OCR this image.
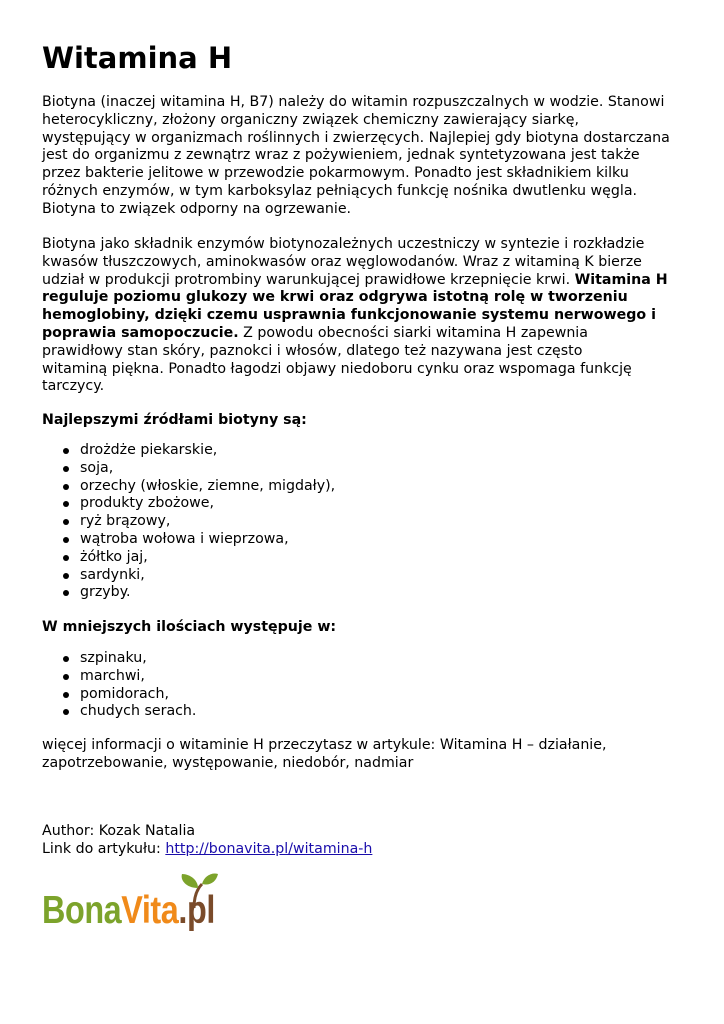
Witamina H

Biotyna (inaczej witamina H, B7) należy do witamin rozpuszczalnych w wodzie. Stanowi
heterocykliczny, złożony organiczny związek chemiczny zawierający siarkę,
występujący w organizmach roślinnych i zwierzęcych. Najlepiej gdy biotyna dostarczana
jest do organizmu z zewnątrz wraz z pożywieniem, jednak syntetyzowana jest także
przez bakterie jelitowe w przewodzie pokarmowym. Ponadto jest składnikiem kilku
różnych enzymów, w tym karboksylaz pełniących funkcję nośnika dwutlenku węgla.
Biotyna to związek odporny na ogrzewanie.

Biotyna jako składnik enzymów biotynozależnych uczestniczy w syntezie i rozkładzie
kwasów tłuszczowych, aminokwasów oraz węglowodanów. Wraz z witaminą K bierze
udział w produkcji protrombiny warunkującej prawidłowe krzepnięcie krwi. Witamina H
reguluje poziomu glukozy we krwi oraz odgrywa istotną rolę w tworzeniu
hemoglobiny, dzięki czemu usprawnia funkcjonowanie systemu nerwowego i
poprawia samopoczucie. Z powodu obecności siarki witamina H zapewnia
prawidłowy stan skóry, paznokci i włosów, dlatego też nazywana jest często
witaminą piękna. Ponadto łagodzi objawy niedoboru cynku oraz wspomaga funkcję
tarczycy.

Najlepszymi źródłami biotyny są:
drożdże piekarskie,
soja,
orzechy (włoskie, ziemne, migdały),
produkty zbożowe,
ryż brązowy,
wątroba wołowa i wieprzowa,
żółtko jaj,
sardynki,
grzyby.
W mniejszych ilościach występuje w:
szpinaku,
marchwi,
pomidorach,
chudych serach.

więcej informacji o witaminie H przeczytasz w artykule: Witamina H – działanie,
zapotrzebowanie, występowanie, niedobór, nadmiar

Author: Kozak Natalia
Link do artykułu: http://bonavita.pl/witamina-h
BonaVita.pl
